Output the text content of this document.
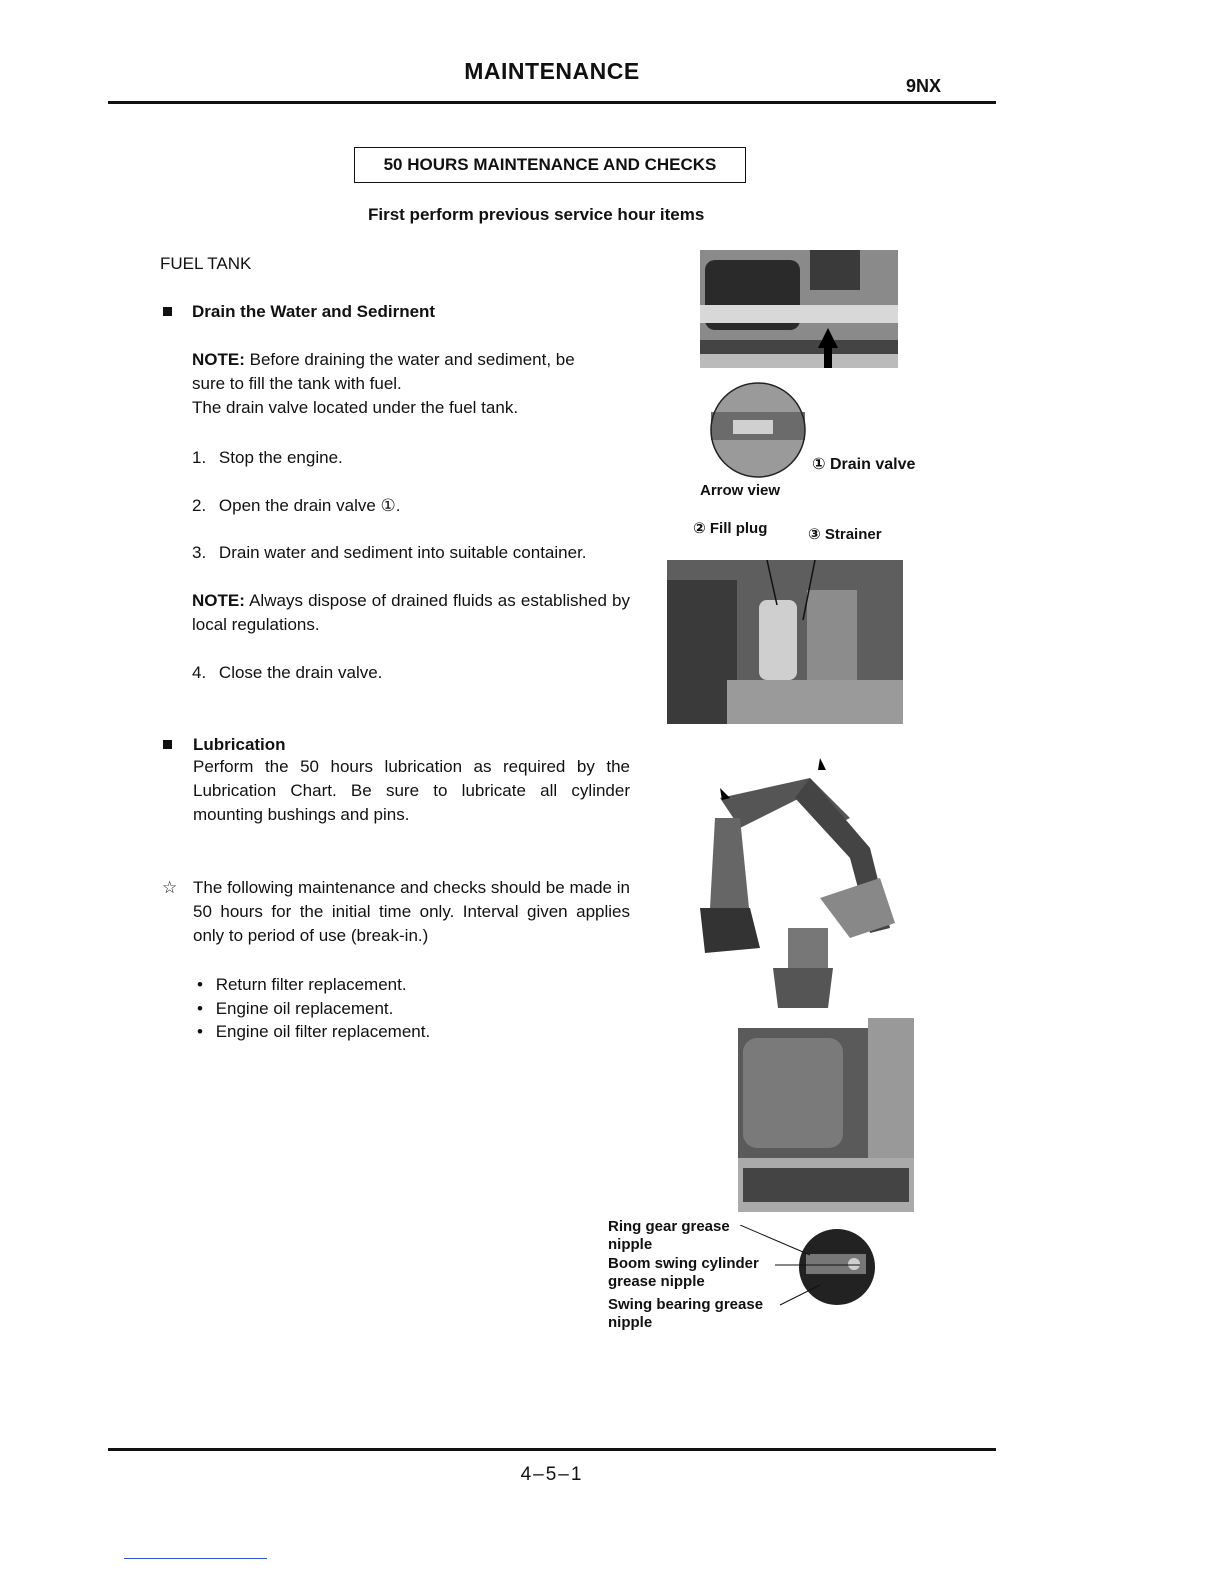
MAINTENANCE
9NX
50 HOURS MAINTENANCE AND CHECKS
First perform previous service hour items
FUEL TANK
Drain the Water and Sedirnent
NOTE: Before draining the water and sediment, be
sure to fill the tank with fuel.
The drain valve located under the fuel tank.
1. Stop the engine.
2. Open the drain valve ①.
3. Drain water and sediment into suitable container.
NOTE: Always dispose of drained fluids as established by local regulations.
4. Close the drain valve.
Lubrication
Perform the 50 hours lubrication as required by the Lubrication Chart. Be sure to lubricate all cylinder mounting bushings and pins.
☆ The following maintenance and checks should be made in 50 hours for the initial time only. Interval given applies only to period of use (break-in.)
• Return filter replacement.
• Engine oil replacement.
• Engine oil filter replacement.
① Drain valve
Arrow view
② Fill plug	③ Strainer
Ring gear grease
nipple
Boom swing cylinder
grease nipple
Swing bearing grease
nipple
4–5–1
